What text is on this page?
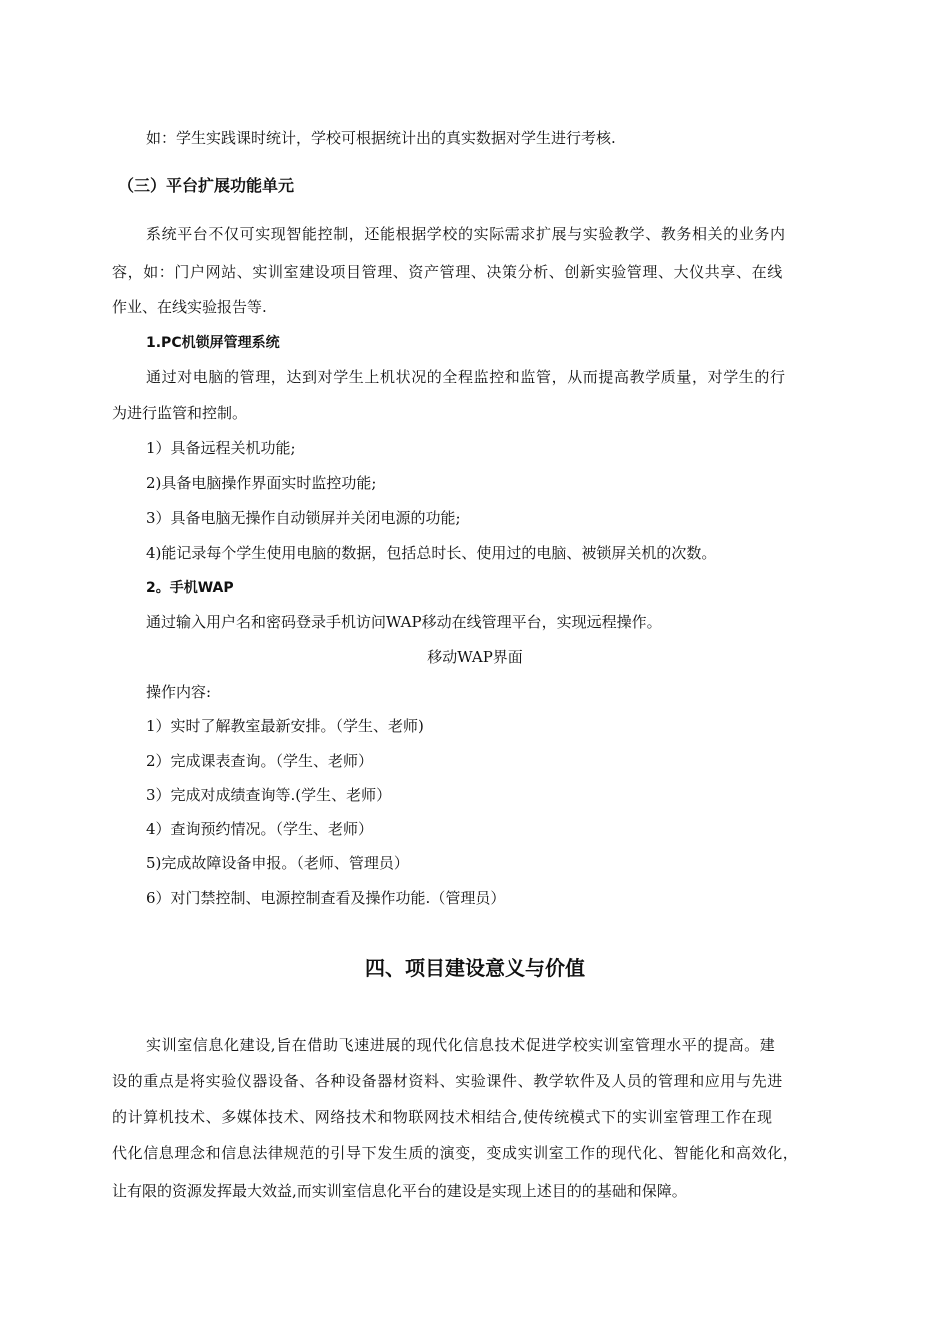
如：学生实践课时统计，学校可根据统计出的真实数据对学生进行考核.
（三）平台扩展功能单元
系统平台不仅可实现智能控制，还能根据学校的实际需求扩展与实验教学、教务相关的业务内
容，如：门户网站、实训室建设项目管理、资产管理、决策分析、创新实验管理、大仪共享、在线
作业、在线实验报告等.
1.PC机锁屏管理系统
通过对电脑的管理，达到对学生上机状况的全程监控和监管，从而提高教学质量，对学生的行
为进行监管和控制。
1）具备远程关机功能;
2)具备电脑操作界面实时监控功能;
3）具备电脑无操作自动锁屏并关闭电源的功能;
4)能记录每个学生使用电脑的数据，包括总时长、使用过的电脑、被锁屏关机的次数。
2。手机WAP
通过输入用户名和密码登录手机访问WAP移动在线管理平台，实现远程操作。
移动WAP界面
操作内容:
1）实时了解教室最新安排。（学生、老师)
2）完成课表查询。（学生、老师）
3）完成对成绩查询等.(学生、老师）
4）查询预约情况。（学生、老师）
5)完成故障设备申报。（老师、管理员）
6）对门禁控制、电源控制查看及操作功能.（管理员）
四、项目建设意义与价值
实训室信息化建设,旨在借助飞速进展的现代化信息技术促进学校实训室管理水平的提高。建
设的重点是将实验仪器设备、各种设备器材资料、实验课件、教学软件及人员的管理和应用与先进
的计算机技术、多媒体技术、网络技术和物联网技术相结合,使传统模式下的实训室管理工作在现
代化信息理念和信息法律规范的引导下发生质的演变，变成实训室工作的现代化、智能化和高效化，
让有限的资源发挥最大效益,而实训室信息化平台的建设是实现上述目的的基础和保障。
